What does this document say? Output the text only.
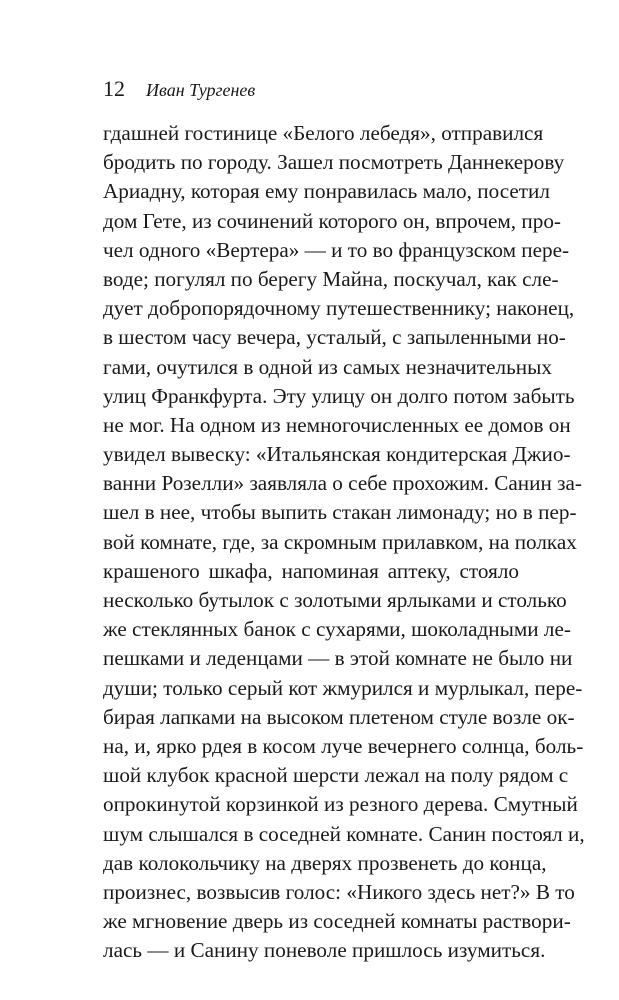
12 Иван Тургенев
гдашней гостинице «Белого лебедя», отправился
бродить по городу. Зашел посмотреть Даннекерову
Ариадну, которая ему понравилась мало, посетил
дом Гете, из сочинений которого он, впрочем, про-
чел одного «Вертера» — и то во французском пере-
воде; погулял по берегу Майна, поскучал, как сле-
дует добропорядочному путешественнику; наконец,
в шестом часу вечера, усталый, с запыленными но-
гами, очутился в одной из самых незначительных
улиц Франкфурта. Эту улицу он долго потом забыть
не мог. На одном из немногочисленных ее домов он
увидел вывеску: «Итальянская кондитерская Джио-
ванни Розелли» заявляла о себе прохожим. Санин за-
шел в нее, чтобы выпить стакан лимонаду; но в пер-
вой комнате, где, за скромным прилавком, на полках
крашеного шкафа, напоминая аптеку, стояло
несколько бутылок с золотыми ярлыками и столько
же стеклянных банок с сухарями, шоколадными ле-
пешками и леденцами — в этой комнате не было ни
души; только серый кот жмурился и мурлыкал, пере-
бирая лапками на высоком плетеном стуле возле ок-
на, и, ярко рдея в косом луче вечернего солнца, боль-
шой клубок красной шерсти лежал на полу рядом с
опрокинутой корзинкой из резного дерева. Смутный
шум слышался в соседней комнате. Санин постоял и,
дав колокольчику на дверях прозвенеть до конца,
произнес, возвысив голос: «Никого здесь нет?» В то
же мгновение дверь из соседней комнаты раствори-
лась — и Санину поневоле пришлось изумиться.
